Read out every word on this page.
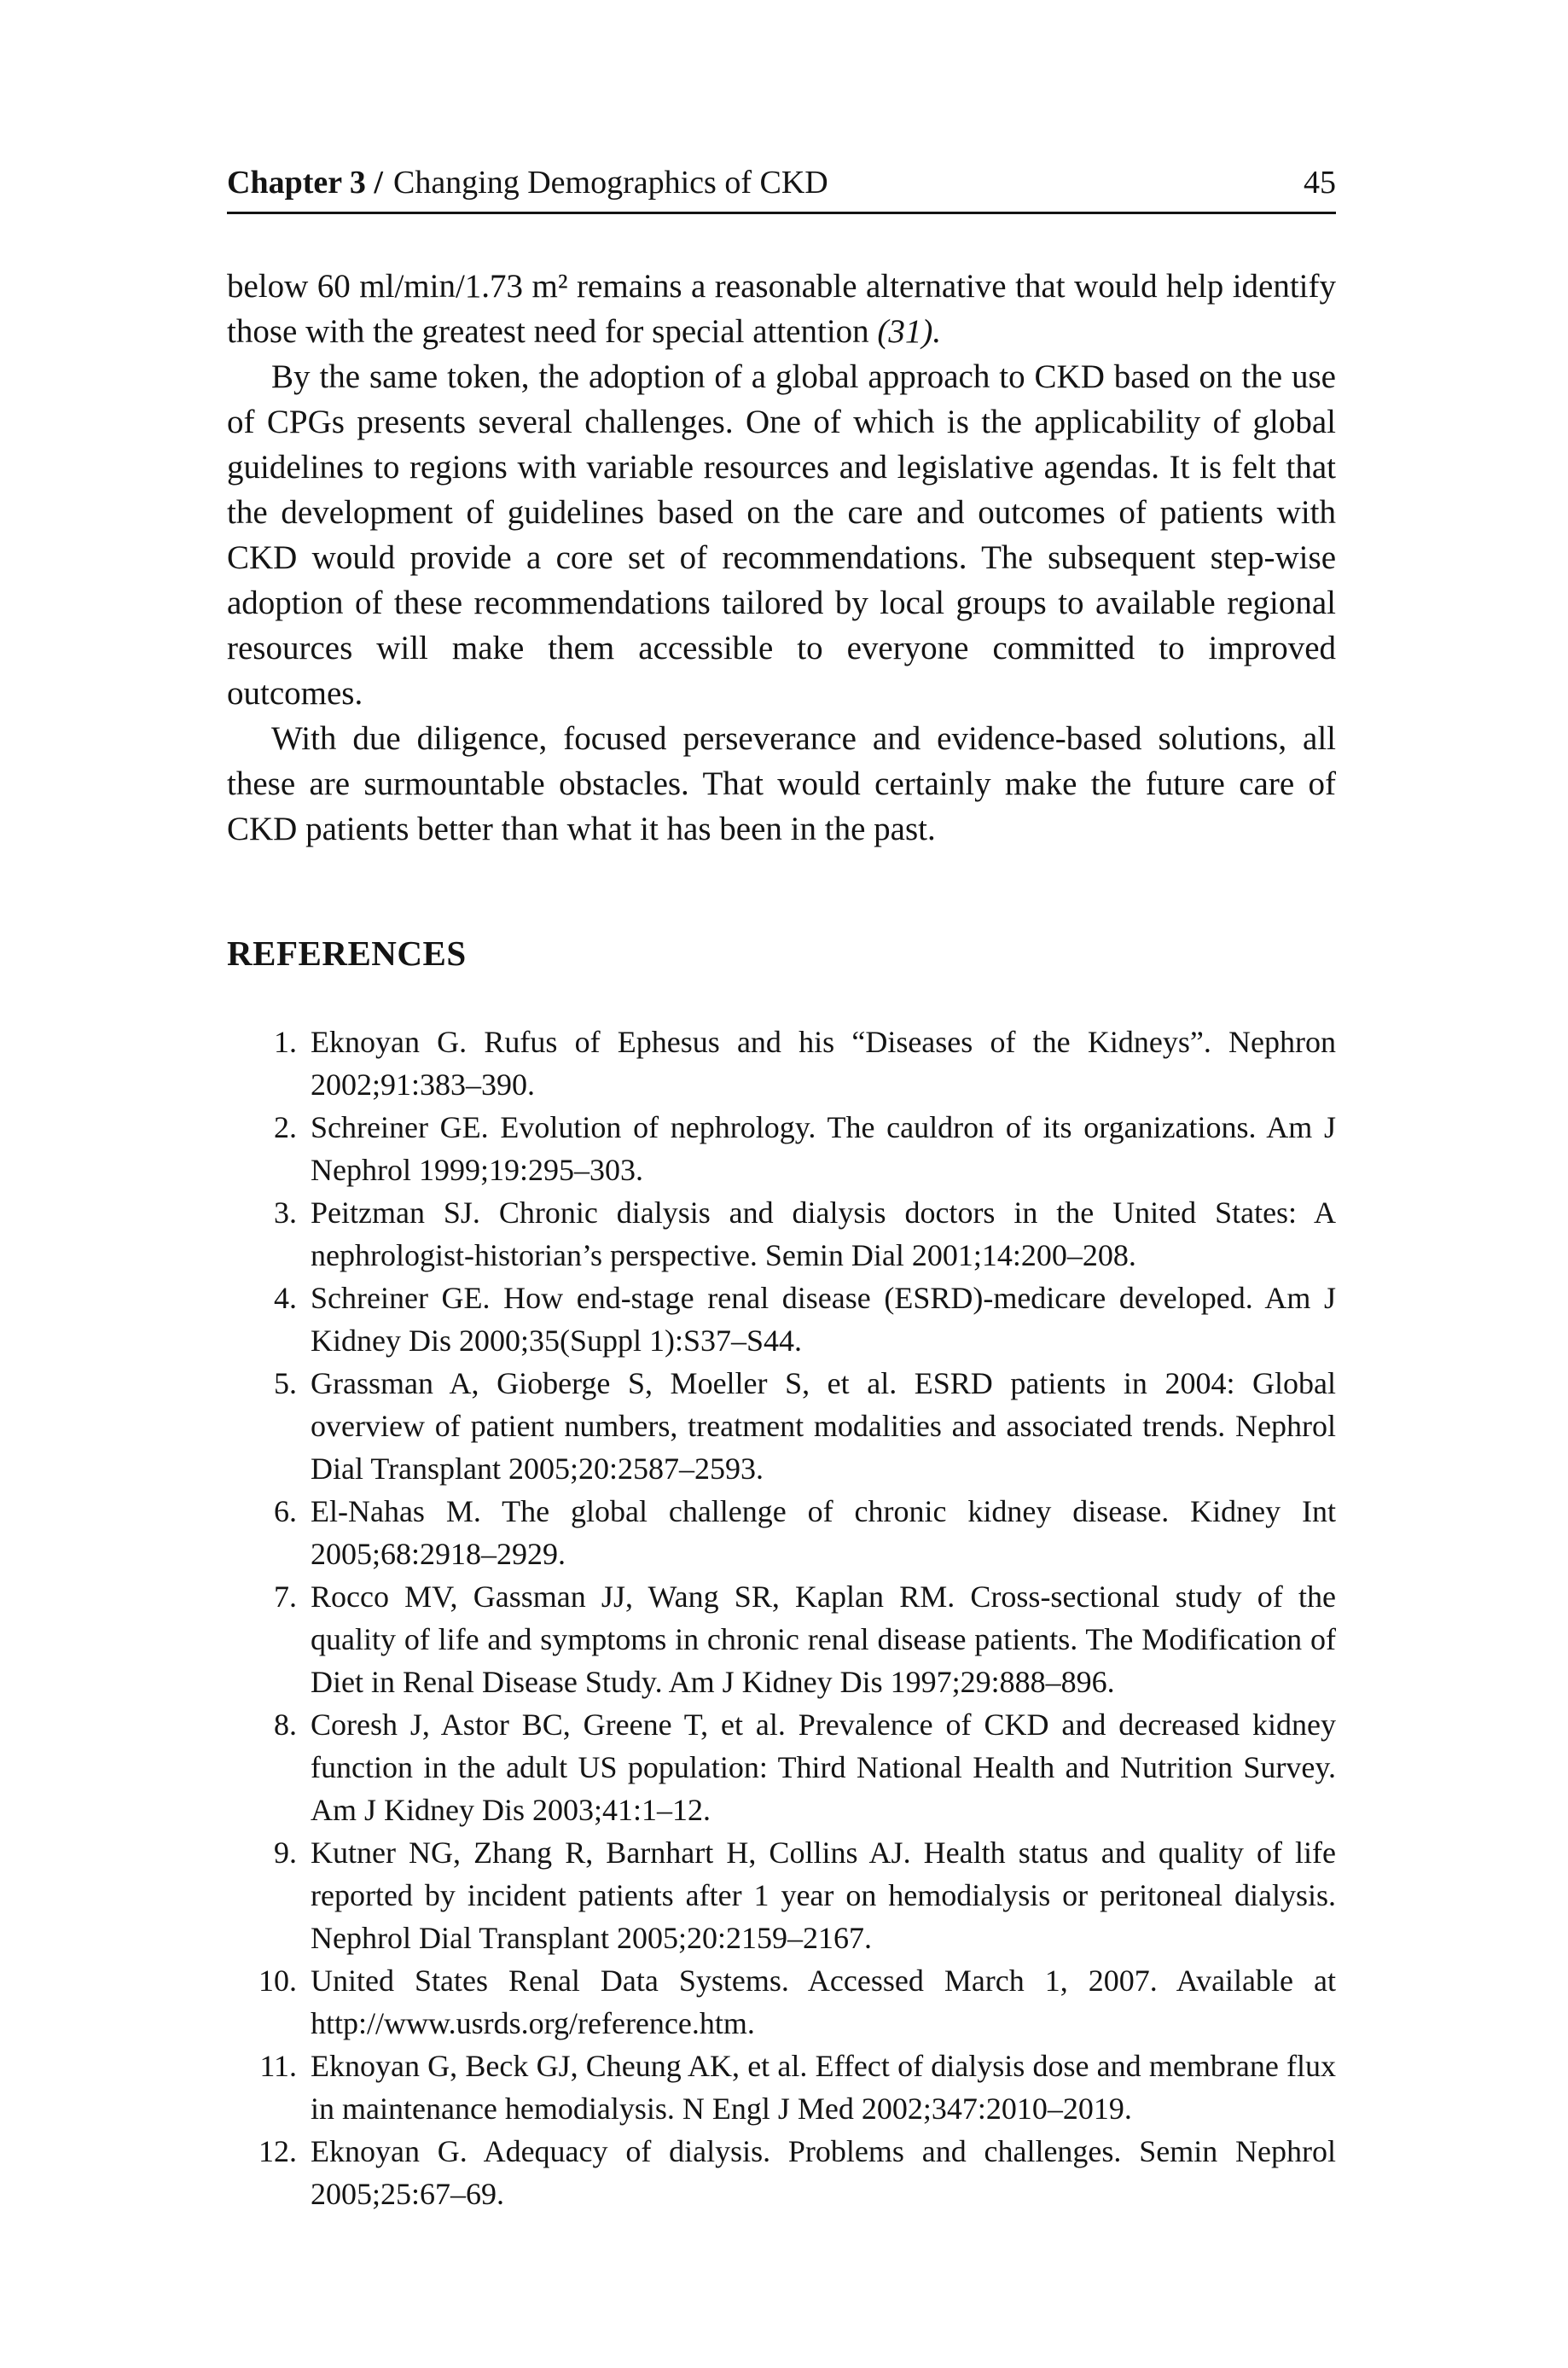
Chapter 3 / Changing Demographics of CKD	45

below 60 ml/min/1.73 m² remains a reasonable alternative that would help identify those with the greatest need for special attention (31).

By the same token, the adoption of a global approach to CKD based on the use of CPGs presents several challenges. One of which is the applicability of global guidelines to regions with variable resources and legislative agendas. It is felt that the development of guidelines based on the care and outcomes of patients with CKD would provide a core set of recommendations. The subsequent step-wise adoption of these recommendations tailored by local groups to available regional resources will make them accessible to everyone committed to improved outcomes.

With due diligence, focused perseverance and evidence-based solutions, all these are surmountable obstacles. That would certainly make the future care of CKD patients better than what it has been in the past.

REFERENCES
1. Eknoyan G. Rufus of Ephesus and his “Diseases of the Kidneys”. Nephron 2002;91:383–390.
2. Schreiner GE. Evolution of nephrology. The cauldron of its organizations. Am J Nephrol 1999;19:295–303.
3. Peitzman SJ. Chronic dialysis and dialysis doctors in the United States: A nephrologist-historian’s perspective. Semin Dial 2001;14:200–208.
4. Schreiner GE. How end-stage renal disease (ESRD)-medicare developed. Am J Kidney Dis 2000;35(Suppl 1):S37–S44.
5. Grassman A, Gioberge S, Moeller S, et al. ESRD patients in 2004: Global overview of patient numbers, treatment modalities and associated trends. Nephrol Dial Transplant 2005;20:2587–2593.
6. El-Nahas M. The global challenge of chronic kidney disease. Kidney Int 2005;68:2918–2929.
7. Rocco MV, Gassman JJ, Wang SR, Kaplan RM. Cross-sectional study of the quality of life and symptoms in chronic renal disease patients. The Modification of Diet in Renal Disease Study. Am J Kidney Dis 1997;29:888–896.
8. Coresh J, Astor BC, Greene T, et al. Prevalence of CKD and decreased kidney function in the adult US population: Third National Health and Nutrition Survey. Am J Kidney Dis 2003;41:1–12.
9. Kutner NG, Zhang R, Barnhart H, Collins AJ. Health status and quality of life reported by incident patients after 1 year on hemodialysis or peritoneal dialysis. Nephrol Dial Transplant 2005;20:2159–2167.
10. United States Renal Data Systems. Accessed March 1, 2007. Available at http://www.usrds.org/reference.htm.
11. Eknoyan G, Beck GJ, Cheung AK, et al. Effect of dialysis dose and membrane flux in maintenance hemodialysis. N Engl J Med 2002;347:2010–2019.
12. Eknoyan G. Adequacy of dialysis. Problems and challenges. Semin Nephrol 2005;25:67–69.
